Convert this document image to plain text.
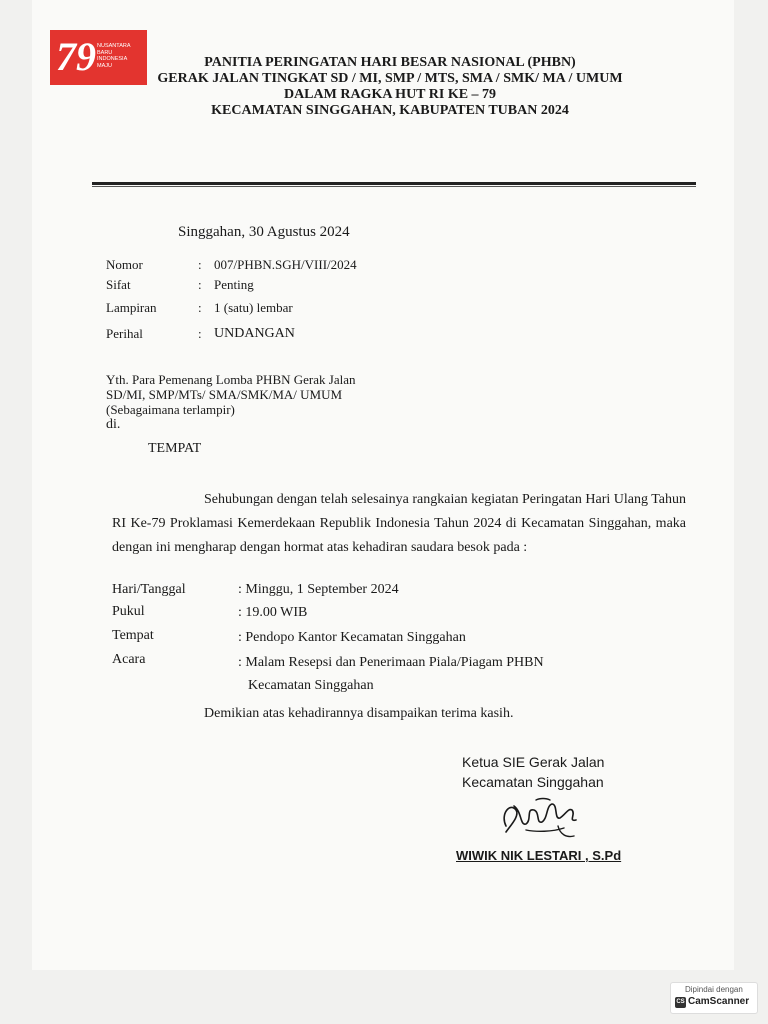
79 NUSANTARA
BARU
INDONESIA
MAJU	PANITIA PERINGATAN HARI BESAR NASIONAL (PHBN)
GERAK JALAN TINGKAT SD / MI, SMP / MTS, SMA / SMK/ MA / UMUM
DALAM RAGKA HUT RI KE – 79
KECAMATAN SINGGAHAN, KABUPATEN TUBAN 2024
Singgahan, 30 Agustus 2024
Nomor	: 007/PHBN.SGH/VIII/2024
Sifat	: Penting
Lampiran	: 1 (satu) lembar
Perihal	: UNDANGAN
Yth. Para Pemenang Lomba PHBN Gerak Jalan
SD/MI, SMP/MTs/ SMA/SMK/MA/ UMUM
(Sebagaimana terlampir)
di.
TEMPAT
Sehubungan dengan telah selesainya rangkaian kegiatan Peringatan Hari Ulang Tahun RI Ke-79 Proklamasi Kemerdekaan Republik Indonesia Tahun 2024 di Kecamatan Singgahan, maka dengan ini mengharap dengan hormat atas kehadiran saudara besok pada :
Hari/Tanggal	: Minggu, 1 September 2024
Pukul	: 19.00 WIB
Tempat	: Pendopo Kantor Kecamatan Singgahan
Acara	: Malam Resepsi dan Penerimaan Piala/Piagam PHBN
Kecamatan Singgahan
Demikian atas kehadirannya disampaikan terima kasih.
Ketua SIE Gerak Jalan
Kecamatan Singgahan
WIWIK NIK LESTARI , S.Pd
Dipindai dengan
CS CamScanner
